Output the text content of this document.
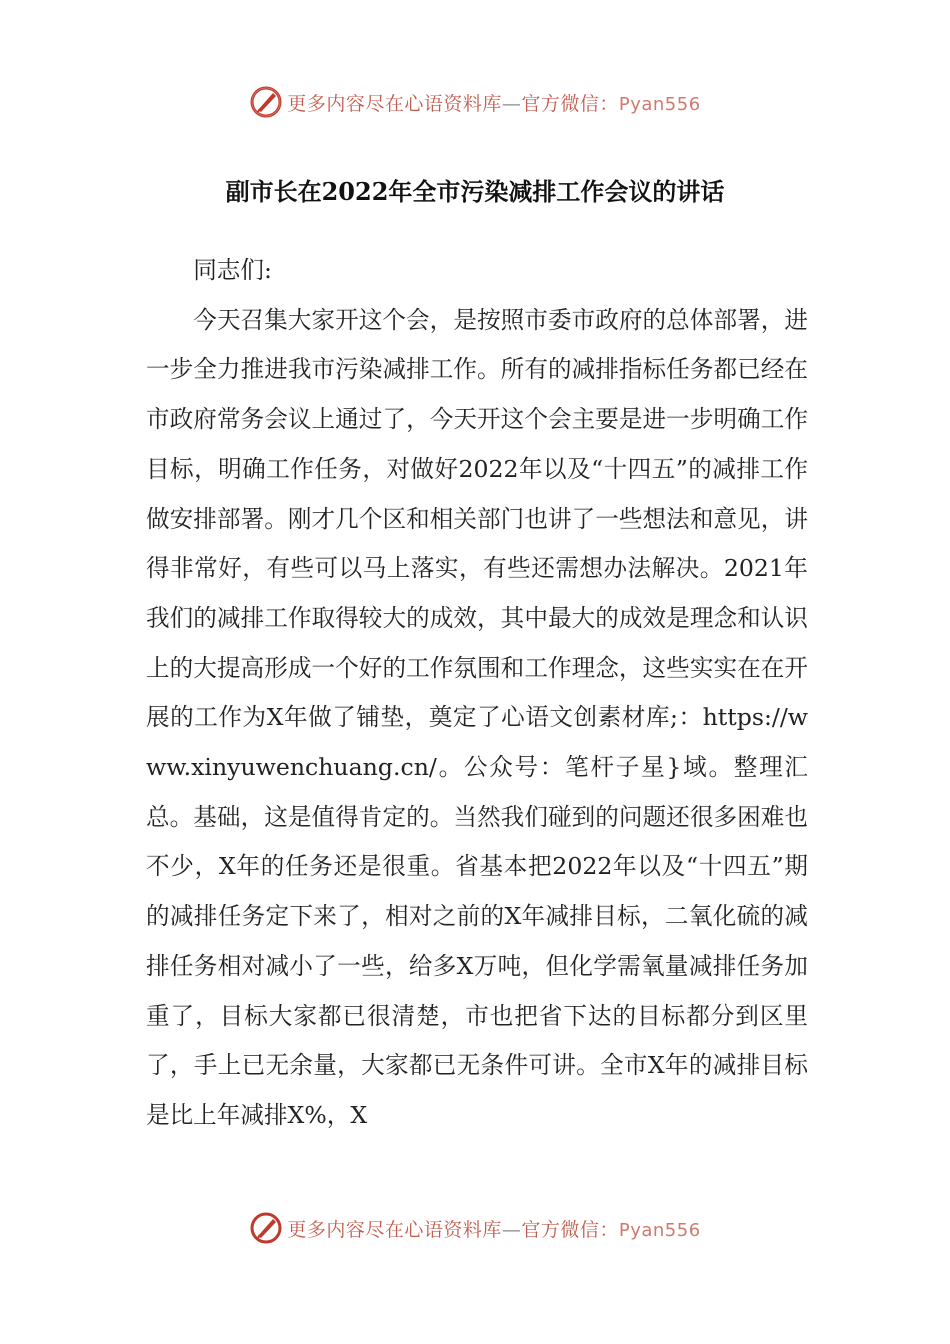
更多内容尽在心语资料库—官方微信：Pyan556
副市长在2022年全市污染减排工作会议的讲话

同志们:

今天召集大家开这个会，是按照市委市政府的总体部署，进一步全力推进我市污染减排工作。所有的减排指标任务都已经在市政府常务会议上通过了，今天开这个会主要是进一步明确工作目标，明确工作任务，对做好2022年以及“十四五”的减排工作做安排部署。刚才几个区和相关部门也讲了一些想法和意见，讲得非常好，有些可以马上落实，有些还需想办法解决。2021年我们的减排工作取得较大的成效，其中最大的成效是理念和认识上的大提高形成一个好的工作氛围和工作理念，这些实实在在开展的工作为X年做了铺垫，奠定了心语文创素材库;：https://www.xinyuwenchuang.cn/。公众号：笔杆子星}域。整理汇总。基础，这是值得肯定的。当然我们碰到的问题还很多困难也不少，X年的任务还是很重。省基本把2022年以及“十四五”期的减排任务定下来了，相对之前的X年减排目标，二氧化硫的减排任务相对减小了一些，给多X万吨，但化学需氧量减排任务加重了，目标大家都已很清楚，市也把省下达的目标都分到区里了，手上已无余量，大家都已无条件可讲。全市X年的减排目标是比上年减排X%，X

更多内容尽在心语资料库—官方微信：Pyan556
